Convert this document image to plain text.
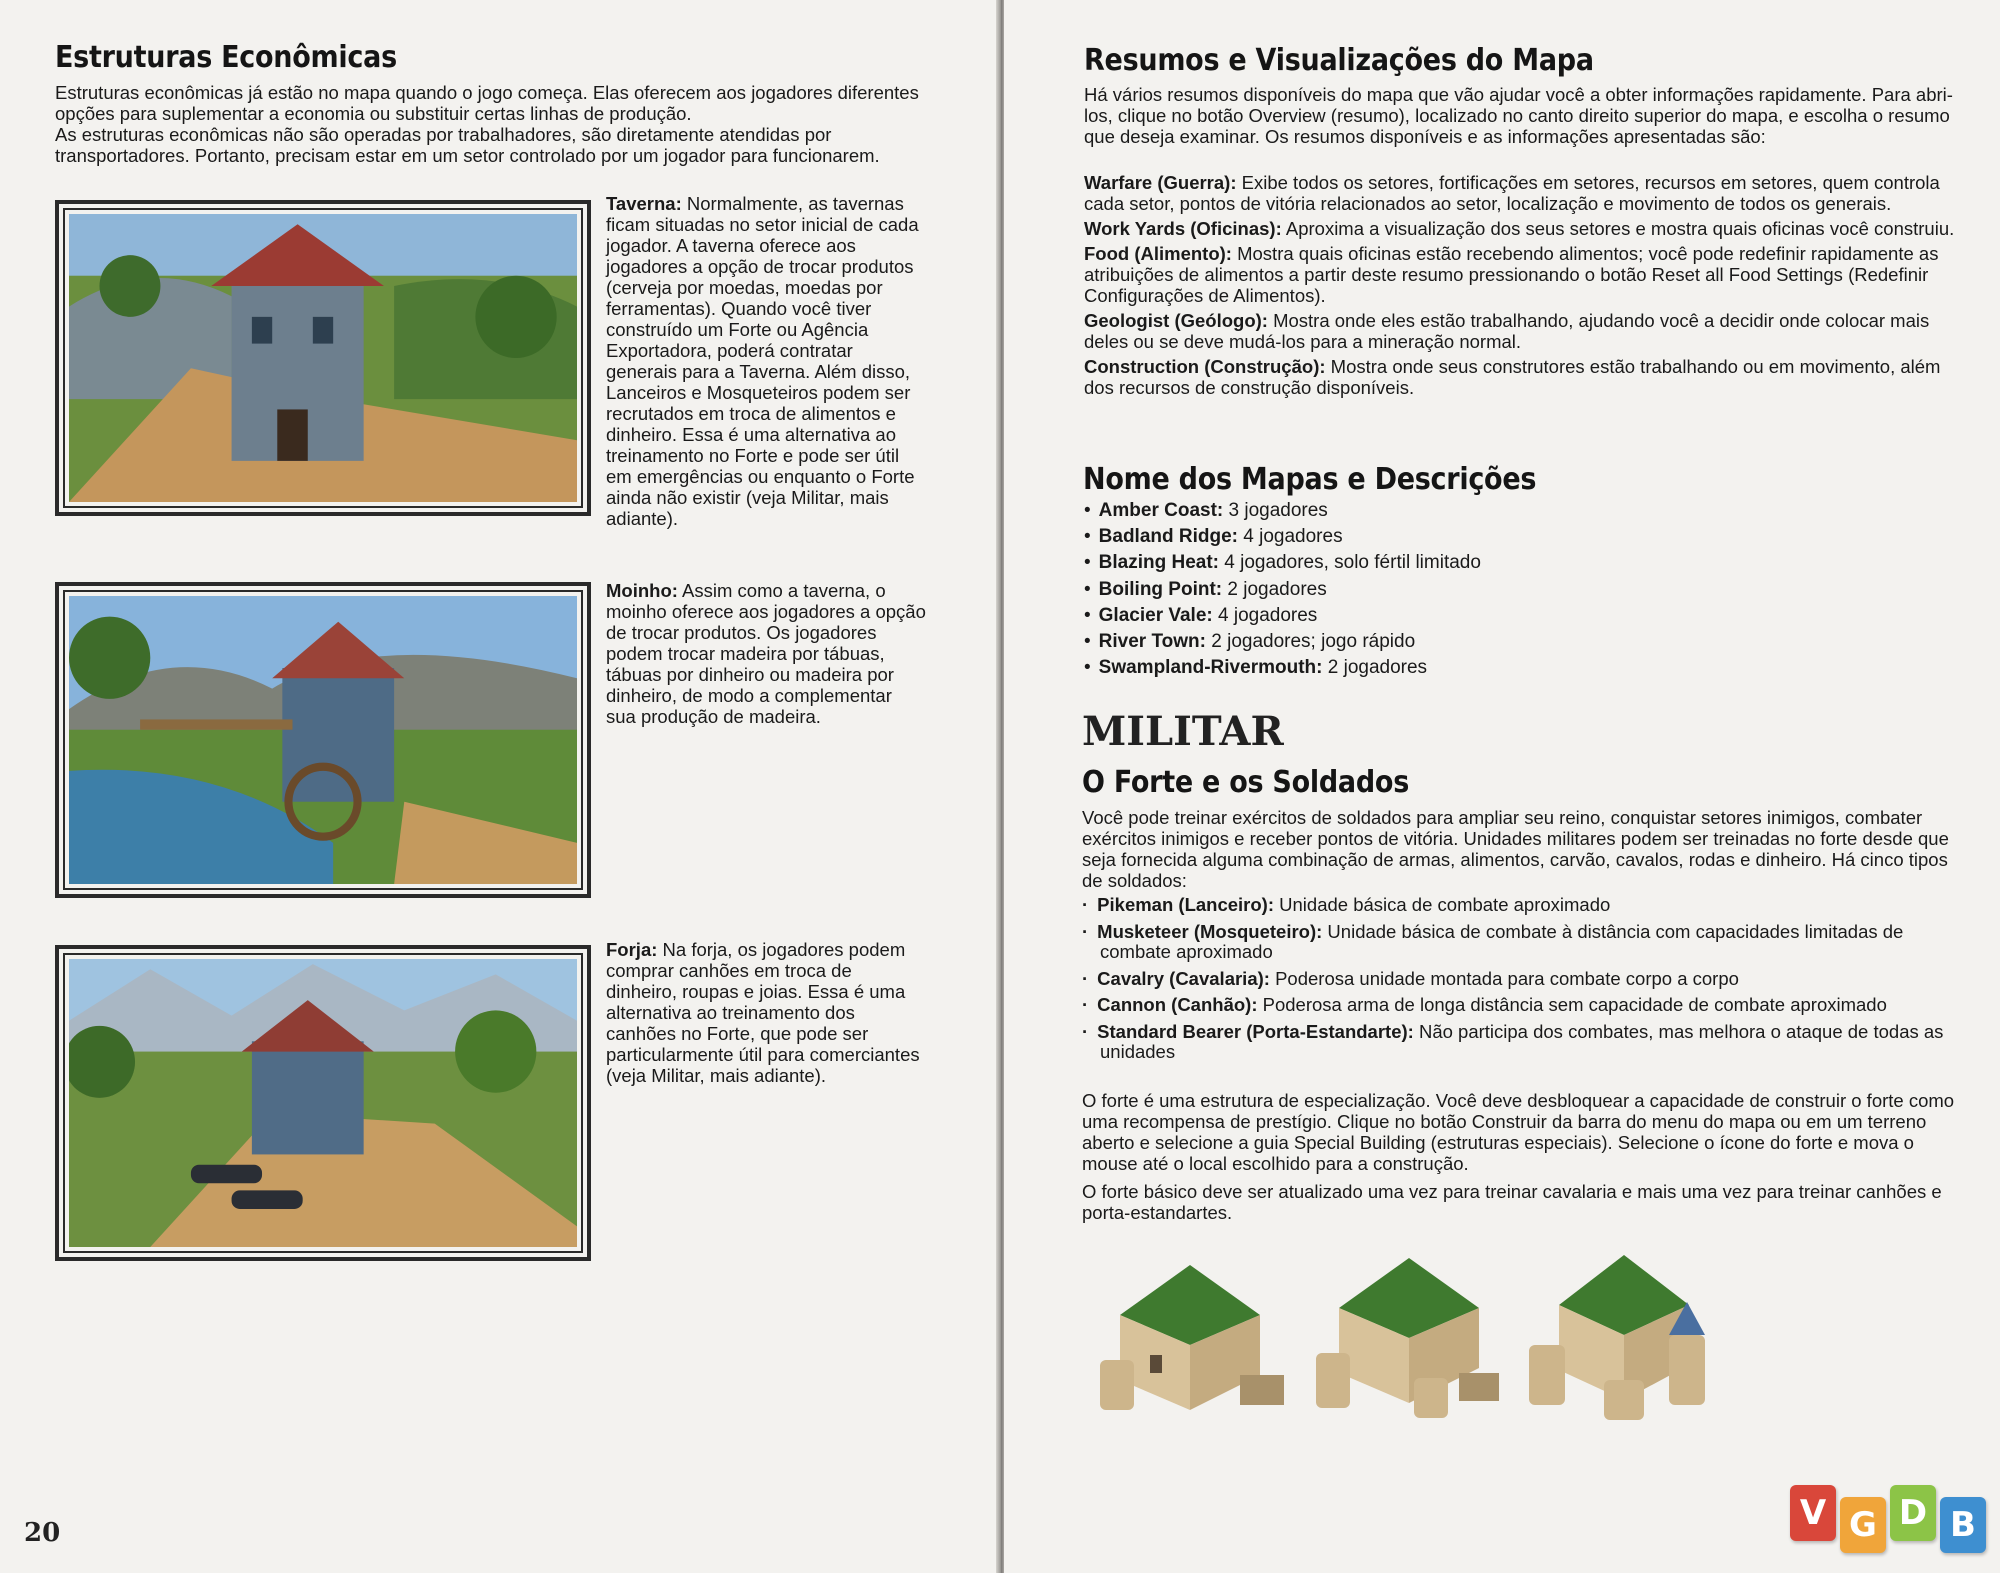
Estruturas Econômicas

Estruturas econômicas já estão no mapa quando o jogo começa. Elas oferecem aos jogadores diferentes opções para suplementar a economia ou substituir certas linhas de produção.

As estruturas econômicas não são operadas por trabalhadores, são diretamente atendidas por transportadores. Portanto, precisam estar em um setor controlado por um jogador para funcionarem.

Taverna: Normalmente, as tavernas ficam situadas no setor inicial de cada jogador. A taverna oferece aos jogadores a opção de trocar produtos (cerveja por moedas, moedas por ferramentas). Quando você tiver construído um Forte ou Agência Exportadora, poderá contratar generais para a Taverna. Além disso, Lanceiros e Mosqueteiros podem ser recrutados em troca de alimentos e dinheiro. Essa é uma alternativa ao treinamento no Forte e pode ser útil em emergências ou enquanto o Forte ainda não existir (veja Militar, mais adiante).
Moinho: Assim como a taverna, o moinho oferece aos jogadores a opção de trocar produtos. Os jogadores podem trocar madeira por tábuas, tábuas por dinheiro ou madeira por dinheiro, de modo a complementar sua produção de madeira.
Forja: Na forja, os jogadores podem comprar canhões em troca de dinheiro, roupas e joias. Essa é uma alternativa ao treinamento dos canhões no Forte, que pode ser particularmente útil para comerciantes (veja Militar, mais adiante).
20
Resumos e Visualizações do Mapa

Há vários resumos disponíveis do mapa que vão ajudar você a obter informações rapidamente. Para abri-los, clique no botão Overview (resumo), localizado no canto direito superior do mapa, e escolha o resumo que deseja examinar. Os resumos disponíveis e as informações apresentadas são:

Warfare (Guerra): Exibe todos os setores, fortificações em setores, recursos em setores, quem controla cada setor, pontos de vitória relacionados ao setor, localização e movimento de todos os generais.

Work Yards (Oficinas): Aproxima a visualização dos seus setores e mostra quais oficinas você construiu.

Food (Alimento): Mostra quais oficinas estão recebendo alimentos; você pode redefinir rapidamente as atribuições de alimentos a partir deste resumo pressionando o botão Reset all Food Settings (Redefinir Configurações de Alimentos).

Geologist (Geólogo): Mostra onde eles estão trabalhando, ajudando você a decidir onde colocar mais deles ou se deve mudá-los para a mineração normal.

Construction (Construção): Mostra onde seus construtores estão trabalhando ou em movimento, além dos recursos de construção disponíveis.

Nome dos Mapas e Descrições
• Amber Coast: 3 jogadores
• Badland Ridge: 4 jogadores
• Blazing Heat: 4 jogadores, solo fértil limitado
• Boiling Point: 2 jogadores
• Glacier Vale: 4 jogadores
• River Town: 2 jogadores; jogo rápido
• Swampland-Rivermouth: 2 jogadores
MILITAR
O Forte e os Soldados

Você pode treinar exércitos de soldados para ampliar seu reino, conquistar setores inimigos, combater exércitos inimigos e receber pontos de vitória. Unidades militares podem ser treinadas no forte desde que seja fornecida alguma combinação de armas, alimentos, carvão, cavalos, rodas e dinheiro. Há cinco tipos de soldados:

· Pikeman (Lanceiro): Unidade básica de combate aproximado
· Musketeer (Mosqueteiro): Unidade básica de combate à distância com capacidades limitadas de combate aproximado
· Cavalry (Cavalaria): Poderosa unidade montada para combate corpo a corpo
· Cannon (Canhão): Poderosa arma de longa distância sem capacidade de combate aproximado
· Standard Bearer (Porta-Estandarte): Não participa dos combates, mas melhora o ataque de todas as unidades

O forte é uma estrutura de especialização. Você deve desbloquear a capacidade de construir o forte como uma recompensa de prestígio. Clique no botão Construir da barra do menu do mapa ou em um terreno aberto e selecione a guia Special Building (estruturas especiais). Selecione o ícone do forte e mova o mouse até o local escolhido para a construção.

O forte básico deve ser atualizado uma vez para treinar cavalaria e mais uma vez para treinar canhões e porta-estandartes.

V G D B
